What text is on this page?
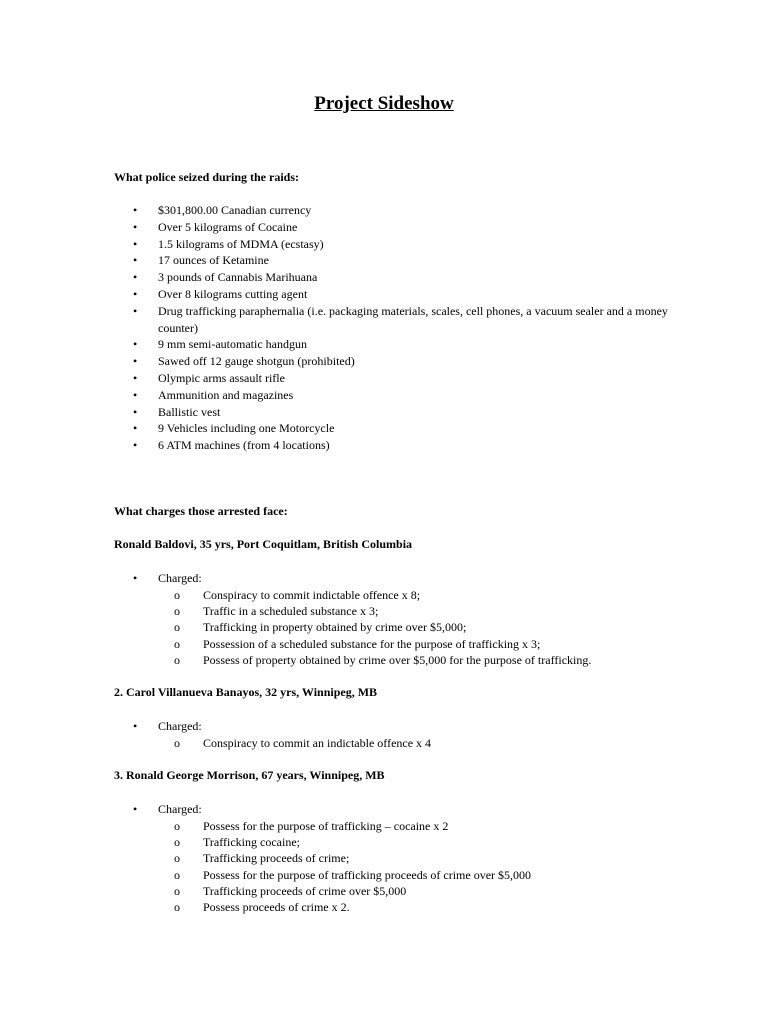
Project Sideshow
What police seized during the raids:
• $301,800.00 Canadian currency
• Over 5 kilograms of Cocaine
• 1.5 kilograms of MDMA (ecstasy)
• 17 ounces of Ketamine
• 3 pounds of Cannabis Marihuana
• Over 8 kilograms cutting agent
• Drug trafficking paraphernalia (i.e. packaging materials, scales, cell phones, a vacuum sealer and a money counter)
• 9 mm semi-automatic handgun
• Sawed off 12 gauge shotgun (prohibited)
• Olympic arms assault rifle
• Ammunition and magazines
• Ballistic vest
• 9 Vehicles including one Motorcycle
• 6 ATM machines (from 4 locations)
What charges those arrested face:
Ronald Baldovi, 35 yrs, Port Coquitlam, British Columbia
• Charged:
o Conspiracy to commit indictable offence x 8;
o Traffic in a scheduled substance x 3;
o Trafficking in property obtained by crime over $5,000;
o Possession of a scheduled substance for the purpose of trafficking x 3;
o Possess of property obtained by crime over $5,000 for the purpose of trafficking.
2. Carol Villanueva Banayos, 32 yrs, Winnipeg, MB
• Charged:
o Conspiracy to commit an indictable offence x 4
3. Ronald George Morrison, 67 years, Winnipeg, MB
• Charged:
o Possess for the purpose of trafficking – cocaine x 2
o Trafficking cocaine;
o Trafficking proceeds of crime;
o Possess for the purpose of trafficking proceeds of crime over $5,000
o Trafficking proceeds of crime over $5,000
o Possess proceeds of crime x 2.
